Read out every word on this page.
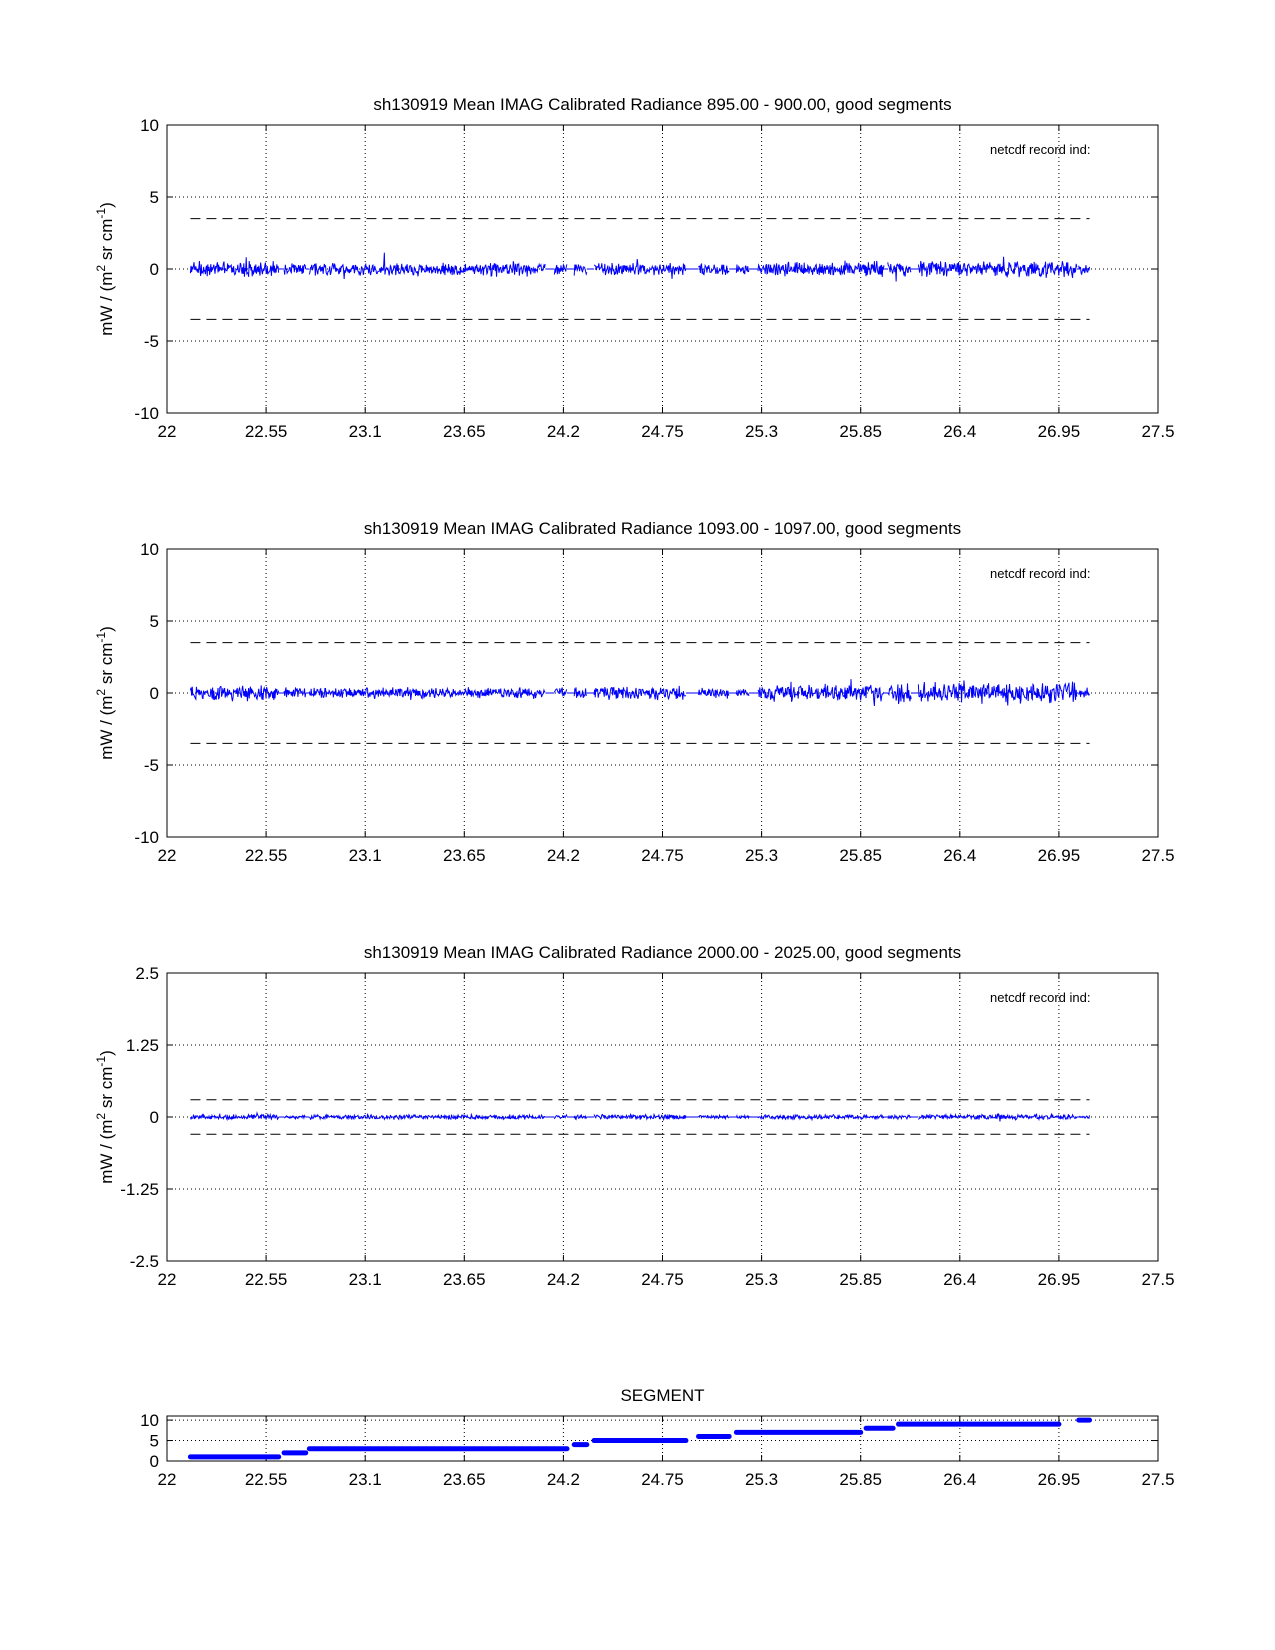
sh130919 Mean IMAG Calibrated Radiance 895.00 - 900.00, good segments
22	22.55	23.1	23.65	24.2	24.75	25.3	25.85	26.4	26.95	27.5
10
5
0
-5
-10
mW / ($m^2$ sr $cm^{-1}$)
netcdf record ind:
sh130919 Mean IMAG Calibrated Radiance 1093.00 - 1097.00, good segments
22	22.55	23.1	23.65	24.2	24.75	25.3	25.85	26.4	26.95	27.5
10
5
0
-5
-10
mW / ($m^2$ sr $cm^{-1}$)
netcdf record ind:
sh130919 Mean IMAG Calibrated Radiance 2000.00 - 2025.00, good segments
22	22.55	23.1	23.65	24.2	24.75	25.3	25.85	26.4	26.95	27.5
2.5
1.25
0
-1.25
-2.5
mW / ($m^2$ sr $cm^{-1}$)
netcdf record ind:
SEGMENT
22	22.55	23.1	23.65	24.2	24.75	25.3	25.85	26.4	26.95	27.5
10
5
0
